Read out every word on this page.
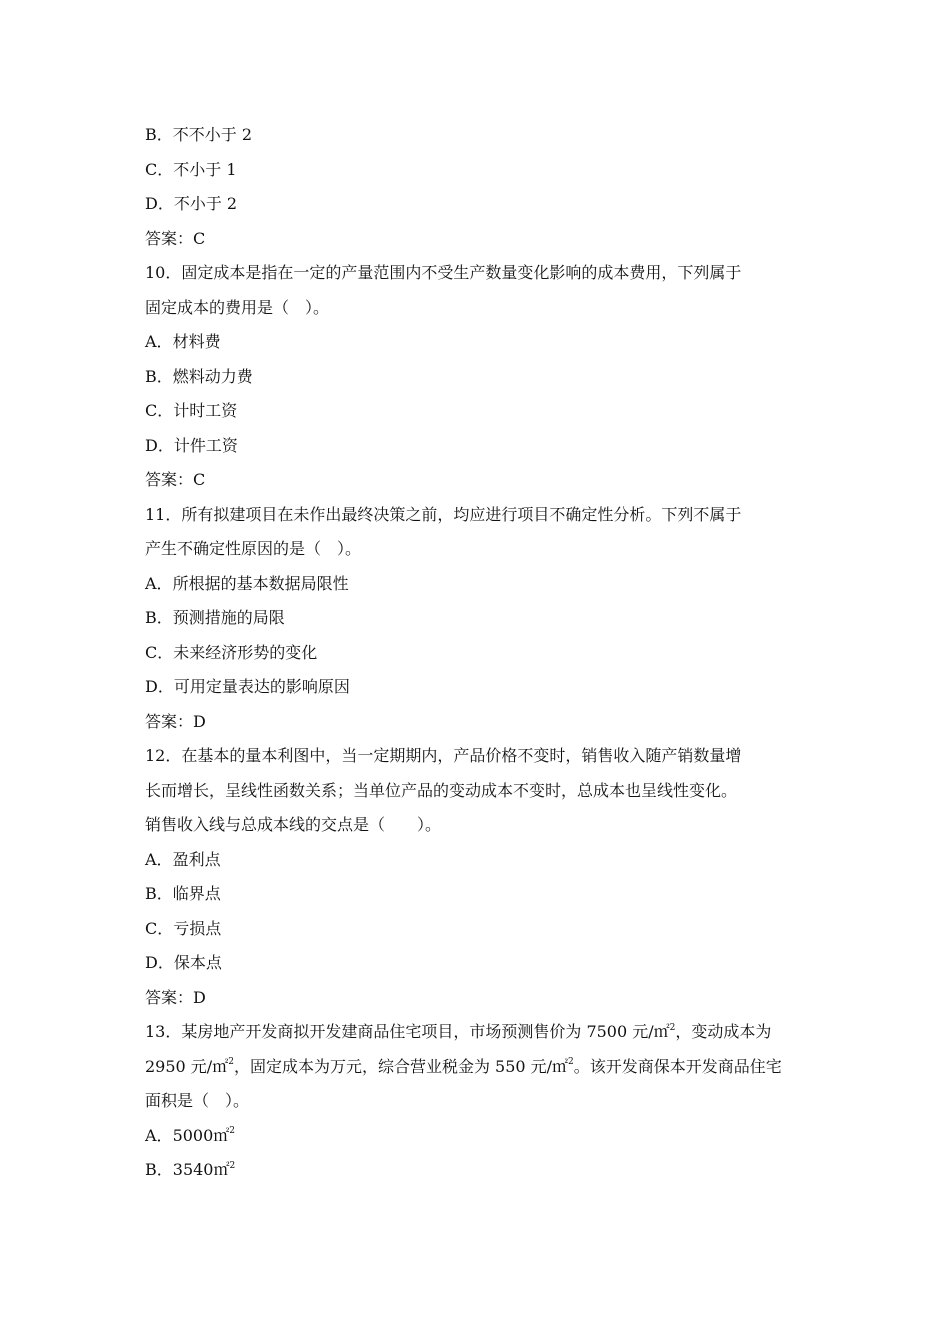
B．不不小于 2
C．不小于 1
D．不小于 2
答案：C
10．固定成本是指在一定的产量范围内不受生产数量变化影响的成本费用，下列属于
固定成本的费用是（　）。
A．材料费
B．燃料动力费
C．计时工资
D．计件工资
答案：C
11．所有拟建项目在未作出最终决策之前，均应进行项目不确定性分析。下列不属于
产生不确定性原因的是（　）。
A．所根据的基本数据局限性
B．预测措施的局限
C．未来经济形势的变化
D．可用定量表达的影响原因
答案：D
12．在基本的量本利图中，当一定期期内，产品价格不变时，销售收入随产销数量增
长而增长，呈线性函数关系；当单位产品的变动成本不变时，总成本也呈线性变化。
销售收入线与总成本线的交点是（　　）。
A．盈利点
B．临界点
C．亏损点
D．保本点
答案：D
13．某房地产开发商拟开发建商品住宅项目，市场预测售价为 7500 元/㎡$^2$，变动成本为
2950 元/㎡$^2$，固定成本为万元，综合营业税金为 550 元/㎡$^2$。该开发商保本开发商品住宅
面积是（　）。
A．5000㎡$^2$
B．3540㎡$^2$
